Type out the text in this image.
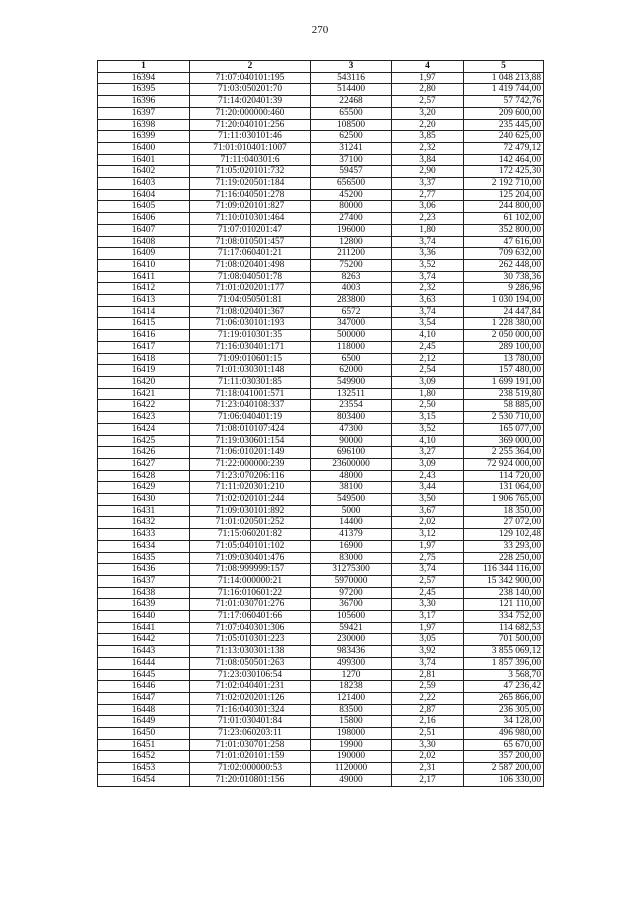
270
1	2	3	4	5
16394	71:07:040101:195	543116	1,97	1 048 213,88
16395	71:03:050201:70	514400	2,80	1 419 744,00
16396	71:14:020401:39	22468	2,57	57 742,76
16397	71:20:000000:460	65500	3,20	209 600,00
16398	71:20:040101:256	108500	2,20	235 445,00
16399	71:11:030101:46	62500	3,85	240 625,00
16400	71:01:010401:1007	31241	2,32	72 479,12
16401	71:11:040301:6	37100	3,84	142 464,00
16402	71:05:020101:732	59457	2,90	172 425,30
16403	71:19:020501:184	656500	3,37	2 192 710,00
16404	71:16:040501:278	45200	2,77	125 204,00
16405	71:09:020101:827	80000	3,06	244 800,00
16406	71:10:010301:464	27400	2,23	61 102,00
16407	71:07:010201:47	196000	1,80	352 800,00
16408	71:08:010501:457	12800	3,74	47 616,00
16409	71:17:060401:21	211200	3,36	709 632,00
16410	71:08:020401:498	75200	3,52	262 448,00
16411	71:08:040501:78	8263	3,74	30 738,36
16412	71:01:020201:177	4003	2,32	9 286,96
16413	71:04:050501:81	283800	3,63	1 030 194,00
16414	71:08:020401:367	6572	3,74	24 447,84
16415	71:06:030101:193	347000	3,54	1 228 380,00
16416	71:19:010301:35	500000	4,10	2 050 000,00
16417	71:16:030401:171	118000	2,45	289 100,00
16418	71:09:010601:15	6500	2,12	13 780,00
16419	71:01:030301:148	62000	2,54	157 480,00
16420	71:11:030301:85	549900	3,09	1 699 191,00
16421	71:18:041001:571	132511	1,80	238 519,80
16422	71:23:040108:337	23554	2,50	58 885,00
16423	71:06:040401:19	803400	3,15	2 530 710,00
16424	71:08:010107:424	47300	3,52	165 077,00
16425	71:19:030601:154	90000	4,10	369 000,00
16426	71:06:010201:149	696100	3,27	2 255 364,00
16427	71:22:000000:239	23600000	3,09	72 924 000,00
16428	71:23:070206:116	48000	2,43	114 720,00
16429	71:11:020301:210	38100	3,44	131 064,00
16430	71:02:020101:244	549500	3,50	1 906 765,00
16431	71:09:030101:892	5000	3,67	18 350,00
16432	71:01:020501:252	14400	2,02	27 072,00
16433	71:15:060201:82	41379	3,12	129 102,48
16434	71:05:040101:102	16900	1,97	33 293,00
16435	71:09:030401:476	83000	2,75	228 250,00
16436	71:08:999999:157	31275300	3,74	116 344 116,00
16437	71:14:000000:21	5970000	2,57	15 342 900,00
16438	71:16:010601:22	97200	2,45	238 140,00
16439	71:01:030701:276	36700	3,30	121 110,00
16440	71:17:060401:66	105600	3,17	334 752,00
16441	71:07:040301:306	59421	1,97	114 682,53
16442	71:05:010301:223	230000	3,05	701 500,00
16443	71:13:030301:138	983436	3,92	3 855 069,12
16444	71:08:050501:263	499300	3,74	1 857 396,00
16445	71:23:030106:54	1270	2,81	3 568,70
16446	71:02:040401:231	18238	2,59	47 236,42
16447	71:02:020201:126	121400	2,22	265 866,00
16448	71:16:040301:324	83500	2,87	236 305,00
16449	71:01:030401:84	15800	2,16	34 128,00
16450	71:23:060203:11	198000	2,51	496 980,00
16451	71:01:030701:258	19900	3,30	65 670,00
16452	71:01:020101:159	190000	2,02	357 200,00
16453	71:02:000000:53	1120000	2,31	2 587 200,00
16454	71:20:010801:156	49000	2,17	106 330,00
